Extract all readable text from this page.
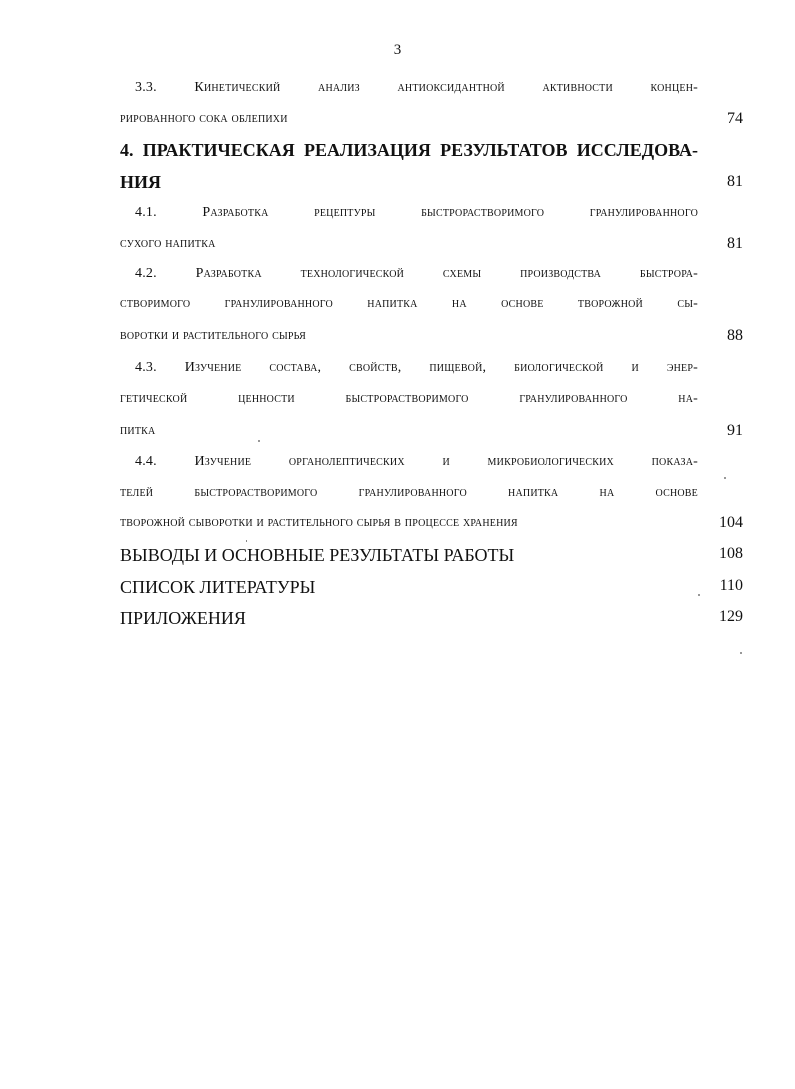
3
3.3. Кинетический анализ антиоксидантной активности концен-
рированного сока облепихи	74
4. ПРАКТИЧЕСКАЯ РЕАЛИЗАЦИЯ РЕЗУЛЬТАТОВ ИССЛЕДОВА-
НИЯ	81
4.1. Разработка рецептуры быстрорастворимого гранулированного
сухого напитка	81
4.2. Разработка технологической схемы производства быстрора-
створимого гранулированного напитка на основе творожной сы-
воротки и растительного сырья	88
4.3. Изучение состава, свойств, пищевой, биологической и энер-
гетической ценности быстрорастворимого гранулированного на-
питка	91
4.4. Изучение органолептических и микробиологических показа-
телей быстрорастворимого гранулированного напитка на основе
творожной сыворотки и растительного сырья в процессе хранения	104
ВЫВОДЫ И ОСНОВНЫЕ РЕЗУЛЬТАТЫ РАБОТЫ	108
СПИСОК ЛИТЕРАТУРЫ	110
ПРИЛОЖЕНИЯ	129
